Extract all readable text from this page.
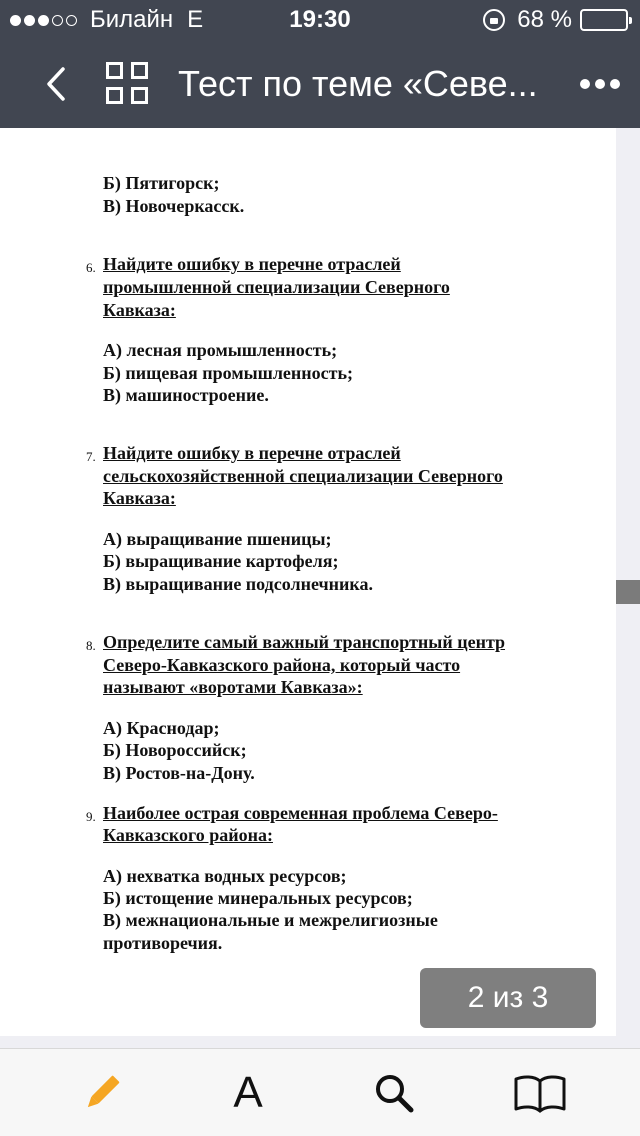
Билайн E	19:30	68 %
Тест по теме «Севе...
Б) Пятигорск;
В) Новочеркасск.
6. Найдите ошибку в перечне отраслей
промышленной специализации Северного
Кавказа:
А) лесная промышленность;
Б) пищевая промышленность;
В) машиностроение.
7. Найдите ошибку в перечне отраслей
сельскохозяйственной специализации Северного
Кавказа:
А) выращивание пшеницы;
Б) выращивание картофеля;
В) выращивание подсолнечника.
8. Определите самый важный транспортный центр
Северо-Кавказского района, который часто
называют «воротами Кавказа»:
А) Краснодар;
Б) Новороссийск;
В) Ростов-на-Дону.
9. Наиболее острая современная проблема Северо-
Кавказского района:
А) нехватка водных ресурсов;
Б) истощение минеральных ресурсов;
В) межнациональные и межрелигиозные
противоречия.
2 из 3
A
